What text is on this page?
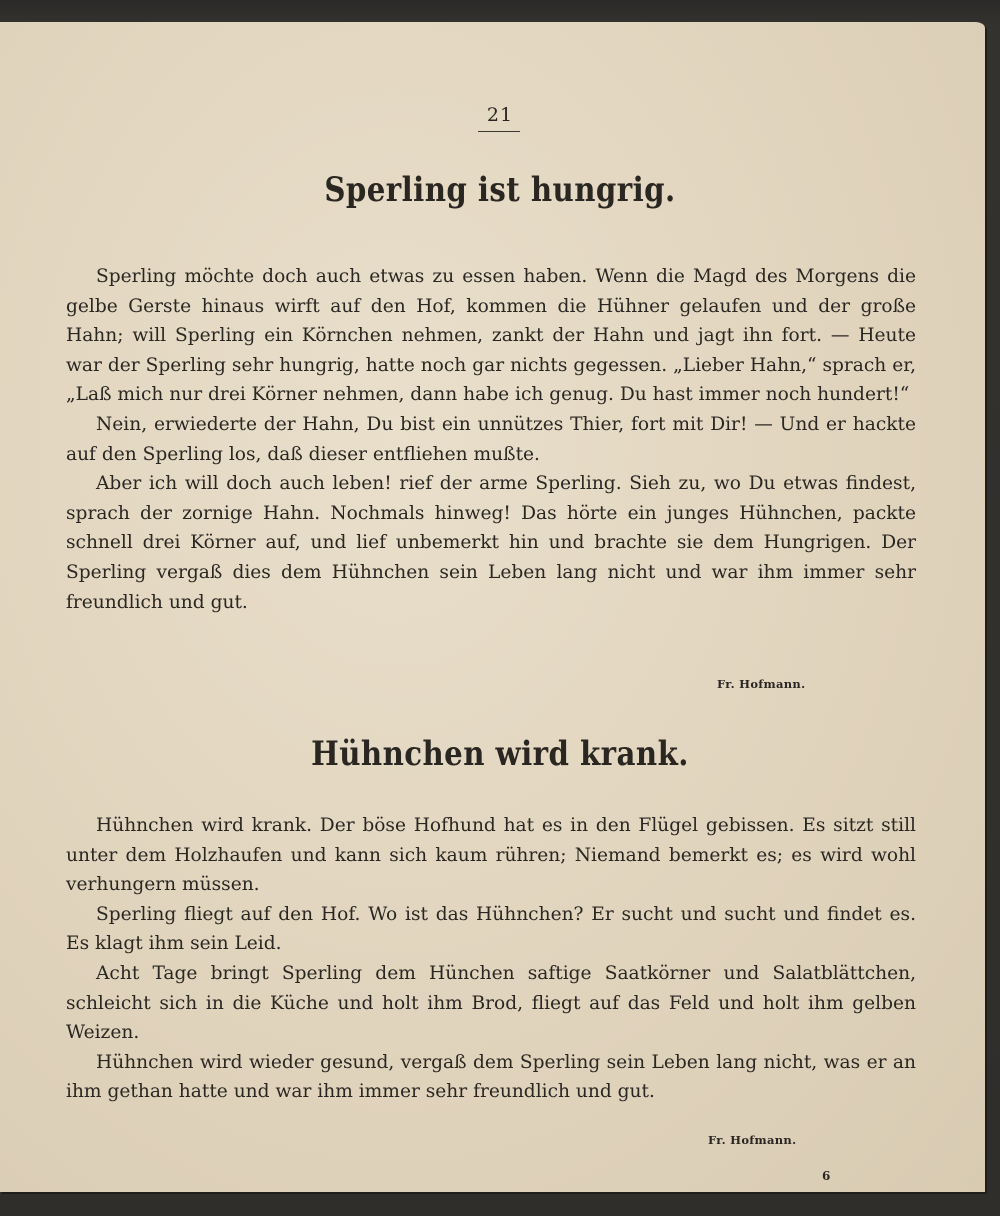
21
Sperling ist hungrig.

Sperling möchte doch auch etwas zu essen haben. Wenn die Magd des Morgens die gelbe Gerste hinaus wirft auf den Hof, kommen die Hühner gelaufen und der große Hahn; will Sperling ein Körnchen nehmen, zankt der Hahn und jagt ihn fort. — Heute war der Sperling sehr hungrig, hatte noch gar nichts gegessen. „Lieber Hahn,“ sprach er, „Laß mich nur drei Körner nehmen, dann habe ich genug. Du hast immer noch hundert!“

Nein, erwiederte der Hahn, Du bist ein unnützes Thier, fort mit Dir! — Und er hackte auf den Sperling los, daß dieser entfliehen mußte.

Aber ich will doch auch leben! rief der arme Sperling. Sieh zu, wo Du etwas findest, sprach der zornige Hahn. Nochmals hinweg! Das hörte ein junges Hühnchen, packte schnell drei Körner auf, und lief unbemerkt hin und brachte sie dem Hungrigen. Der Sperling vergaß dies dem Hühnchen sein Leben lang nicht und war ihm immer sehr freundlich und gut.

Fr. Hofmann.
Hühnchen wird krank.

Hühnchen wird krank. Der böse Hofhund hat es in den Flügel gebissen. Es sitzt still unter dem Holzhaufen und kann sich kaum rühren; Niemand bemerkt es; es wird wohl verhungern müssen.

Sperling fliegt auf den Hof. Wo ist das Hühnchen? Er sucht und sucht und findet es. Es klagt ihm sein Leid.

Acht Tage bringt Sperling dem Hünchen saftige Saatkörner und Salatblättchen, schleicht sich in die Küche und holt ihm Brod, fliegt auf das Feld und holt ihm gelben Weizen.

Hühnchen wird wieder gesund, vergaß dem Sperling sein Leben lang nicht, was er an ihm gethan hatte und war ihm immer sehr freundlich und gut.

Fr. Hofmann.
6
